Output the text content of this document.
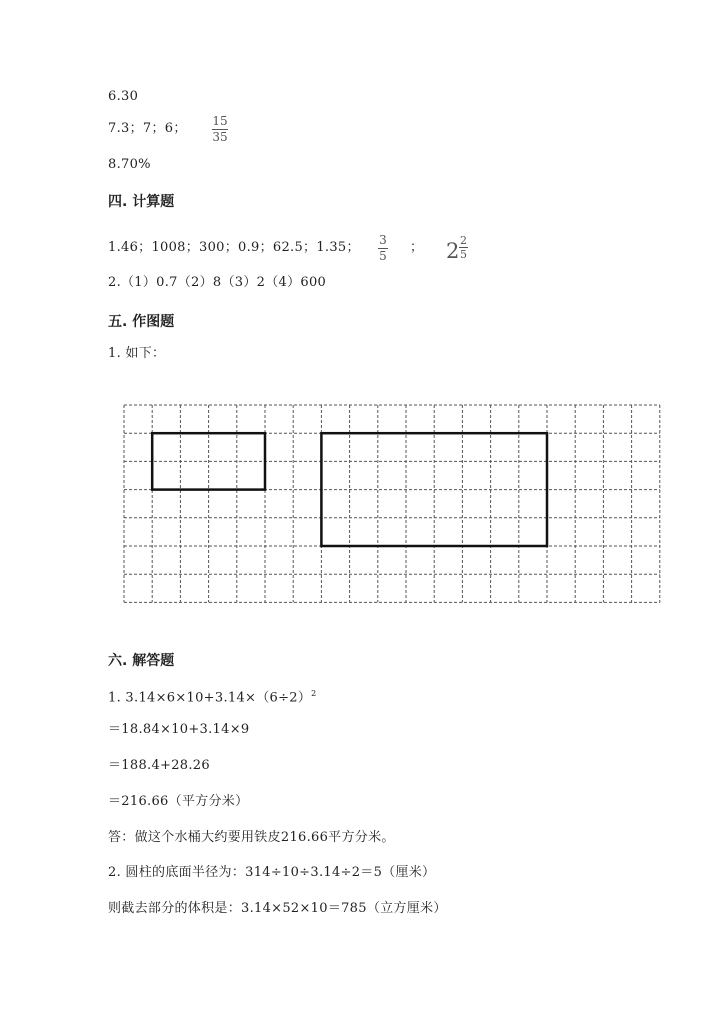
6.30
7.3；7；6； 15
35
8.70%
四. 计算题
1.46；1008；300；0.9；62.5；1.35； 3
5
； 2 2
5
2.（1）0.7（2）8（3）2（4）600
五. 作图题
1. 如下：
六. 解答题
1. $3.14\times 6\times 10+3.14\times(6\div 2)^2$
＝18.84×10+3.14×9
＝188.4+28.26
＝216.66（平方分米）
答：做这个水桶大约要用铁皮216.66平方分米。
2. 圆柱的底面半径为：314÷10÷3.14÷2＝5（厘米）
则截去部分的体积是：3.14×52×10＝785（立方厘米）
